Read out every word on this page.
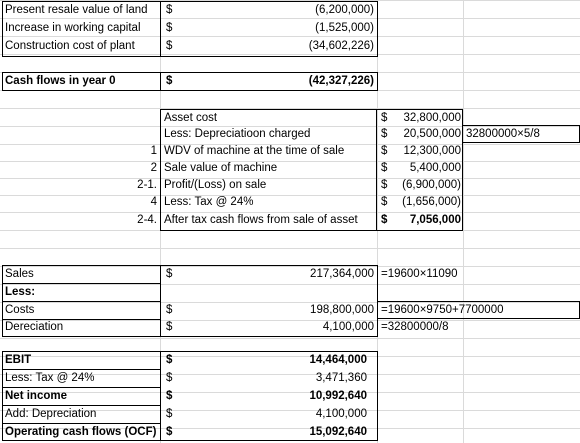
Present resale value of land $	(6,200,000)
Increase in working capital $	(1,525,000)
Construction cost of plant	$	(34,602,226)
Cash flows in year 0	$	(42,327,226)
Asset cost	$	32,800,000
Less: Depreciatioon charged	$	20,500,000 32800000×5/8
1 WDV of machine at the time of sale	$	12,300,000
2 Sale value of machine	$	5,400,000
2-1. Profit/(Loss) on sale	$	(6,900,000)
4 Less: Tax @ 24%	$	(1,656,000)
2-4. After tax cash flows from sale of asset $	7,056,000
Sales	$	217,364,000 =19600×11090
Less:
Costs	$	198,800,000 =19600×9750+7700000
Dereciation	$	4,100,000 =32800000/8
EBIT	$	14,464,000
Less: Tax @ 24%	$	3,471,360
Net income	$	10,992,640
Add: Depreciation	$	4,100,000
Operating cash flows (OCF) $	15,092,640
